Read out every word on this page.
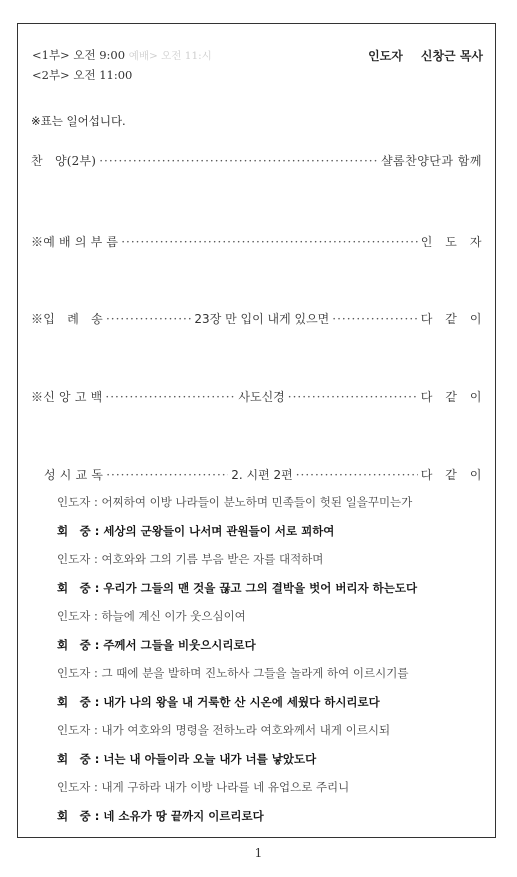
<1부> 오전 9:00 예배> 오전 11:시
<2부> 오전 11:00
인도자 신창근 목사
※표는 일어섭니다.
찬　양(2부) ·····	샬롬찬양단과 함께
※예 배 의 부 름 ·····	인　도　자
※입　례　송 ·····	23장 만 입이 내게 있으면 ·····	다　같　이
※신 앙 고 백 ·····	사도신경 ·····	다　같　이
성 시 교 독 ·····	2. 시편 2편 ·····	다　같　이
인도자 : 어찌하여 이방 나라들이 분노하며 민족들이 헛된 일을꾸미는가
회　중 : 세상의 군왕들이 나서며 관원들이 서로 꾀하여
인도자 : 여호와와 그의 기름 부음 받은 자를 대적하며
회　중 : 우리가 그들의 맨 것을 끊고 그의 결박을 벗어 버리자 하는도다
인도자 : 하늘에 계신 이가 웃으심이여
회　중 : 주께서 그들을 비웃으시리로다
인도자 : 그 때에 분을 발하며 진노하사 그들을 놀라게 하여 이르시기를
회　중 : 내가 나의 왕을 내 거룩한 산 시온에 세웠다 하시리로다
인도자 : 내가 여호와의 명령을 전하노라 여호와께서 내게 이르시되
회　중 : 너는 내 아들이라 오늘 내가 너를 낳았도다
인도자 : 내게 구하라 내가 이방 나라를 네 유업으로 주리니
회　중 : 네 소유가 땅 끝까지 이르리로다
1
